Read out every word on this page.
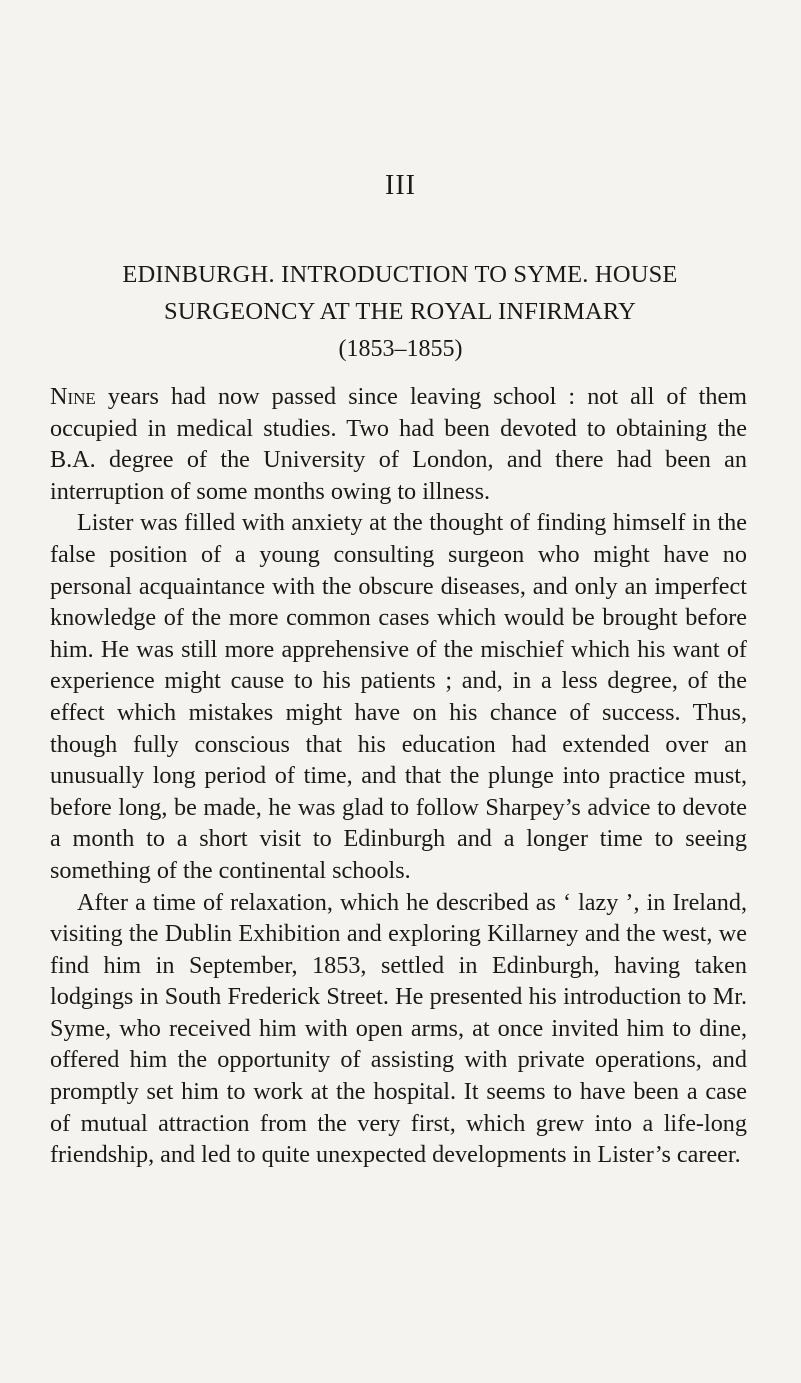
III
EDINBURGH. INTRODUCTION TO SYME. HOUSE
SURGEONCY AT THE ROYAL INFIRMARY
(1853–1855)

Nine years had now passed since leaving school : not all of them occupied in medical studies. Two had been devoted to obtaining the B.A. degree of the University of London, and there had been an interruption of some months owing to illness.

Lister was filled with anxiety at the thought of finding himself in the false position of a young consulting surgeon who might have no personal acquaintance with the obscure diseases, and only an imperfect knowledge of the more common cases which would be brought before him. He was still more apprehensive of the mischief which his want of experience might cause to his patients ; and, in a less degree, of the effect which mistakes might have on his chance of success. Thus, though fully conscious that his education had extended over an unusually long period of time, and that the plunge into practice must, before long, be made, he was glad to follow Sharpey’s advice to devote a month to a short visit to Edinburgh and a longer time to seeing something of the continental schools.

After a time of relaxation, which he described as ‘ lazy ’, in Ireland, visiting the Dublin Exhibition and exploring Killarney and the west, we find him in September, 1853, settled in Edinburgh, having taken lodgings in South Frederick Street. He presented his introduction to Mr. Syme, who received him with open arms, at once invited him to dine, offered him the opportunity of assisting with private operations, and promptly set him to work at the hospital. It seems to have been a case of mutual attraction from the very first, which grew into a life-long friendship, and led to quite unexpected developments in Lister’s career.
